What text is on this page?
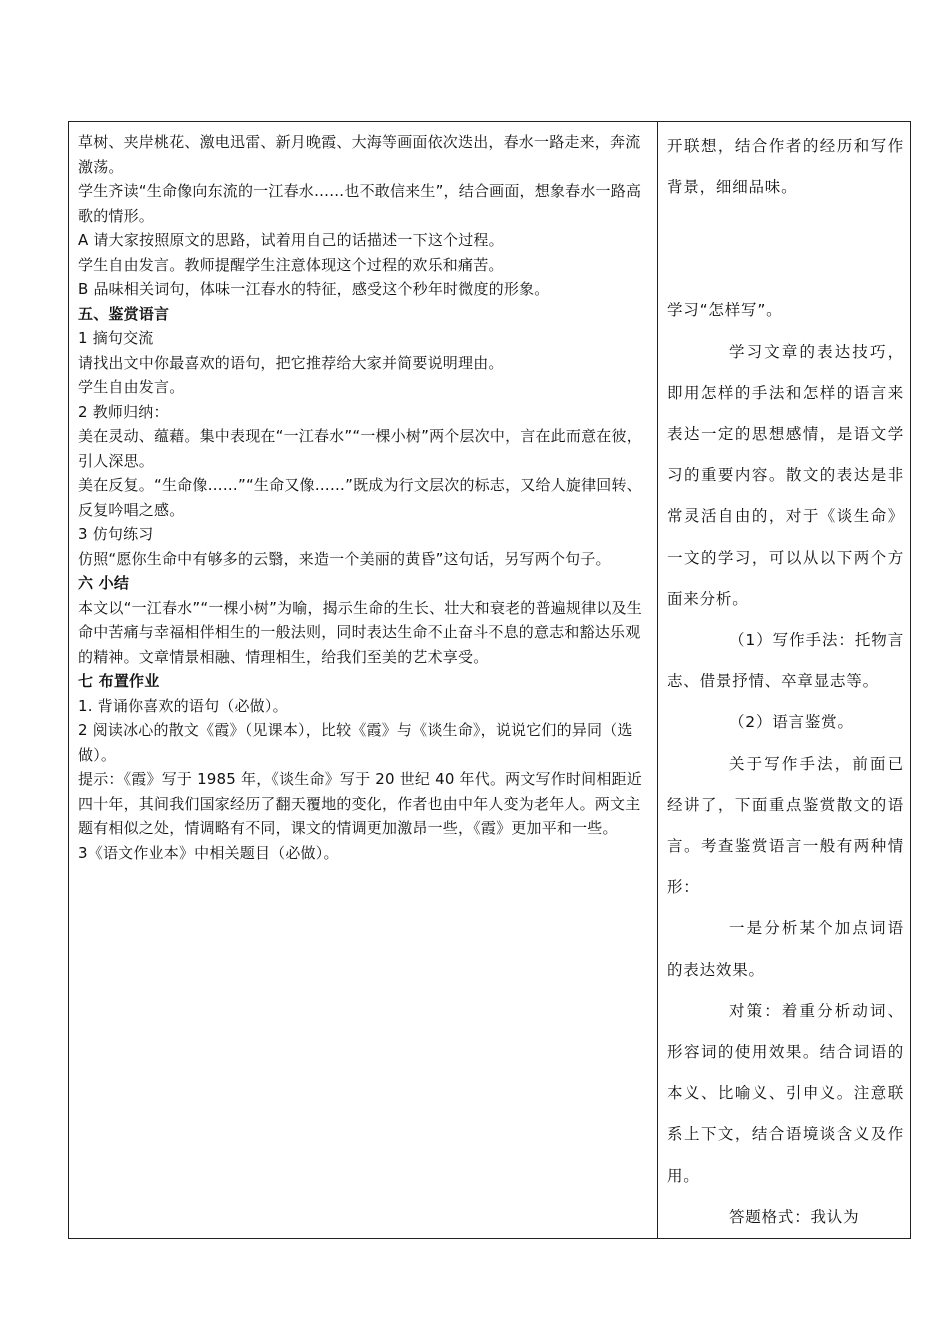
草树、夹岸桃花、激电迅雷、新月晚霞、大海等画面依次迭出，春水一路走来，奔流激荡。

学生齐读“生命像向东流的一江春水……也不敢信来生”，结合画面，想象春水一路高歌的情形。

A 请大家按照原文的思路，试着用自己的话描述一下这个过程。

学生自由发言。教师提醒学生注意体现这个过程的欢乐和痛苦。

B 品味相关词句，体味一江春水的特征，感受这个秒年时微度的形象。

五、鉴赏语言

1 摘句交流

请找出文中你最喜欢的语句，把它推荐给大家并简要说明理由。

学生自由发言。

2 教师归纳：

美在灵动、蕴藉。集中表现在“一江春水”“一棵小树”两个层次中，言在此而意在彼，引人深思。

美在反复。“生命像……”“生命又像……”既成为行文层次的标志，又给人旋律回转、反复吟唱之感。

3 仿句练习

仿照“愿你生命中有够多的云翳，来造一个美丽的黄昏”这句话，另写两个句子。

六 小结

本文以“一江春水”“一棵小树”为喻，揭示生命的生长、壮大和衰老的普遍规律以及生命中苦痛与幸福相伴相生的一般法则，同时表达生命不止奋斗不息的意志和豁达乐观的精神。文章情景相融、情理相生，给我们至美的艺术享受。

七 布置作业

1. 背诵你喜欢的语句（必做）。

2 阅读冰心的散文《霞》（见课本），比较《霞》与《谈生命》，说说它们的异同（选做）。

提示：《霞》写于 1985 年，《谈生命》写于 20 世纪 40 年代。两文写作时间相距近四十年，其间我们国家经历了翻天覆地的变化，作者也由中年人变为老年人。两文主题有相似之处，情调略有不同，课文的情调更加激昂一些，《霞》更加平和一些。

3《语文作业本》中相关题目（必做）。

开联想，结合作者的经历和写作背景，细细品味。

学习“怎样写”。

学习文章的表达技巧，即用怎样的手法和怎样的语言来表达一定的思想感情，是语文学习的重要内容。散文的表达是非常灵活自由的，对于《谈生命》一文的学习，可以从以下两个方面来分析。

（1）写作手法：托物言志、借景抒情、卒章显志等。

（2）语言鉴赏。

关于写作手法，前面已经讲了，下面重点鉴赏散文的语言。考查鉴赏语言一般有两种情形：

一是分析某个加点词语的表达效果。

对策：着重分析动词、形容词的使用效果。结合词语的本义、比喻义、引申义。注意联系上下文，结合语境谈含义及作用。

答题格式：我认为
